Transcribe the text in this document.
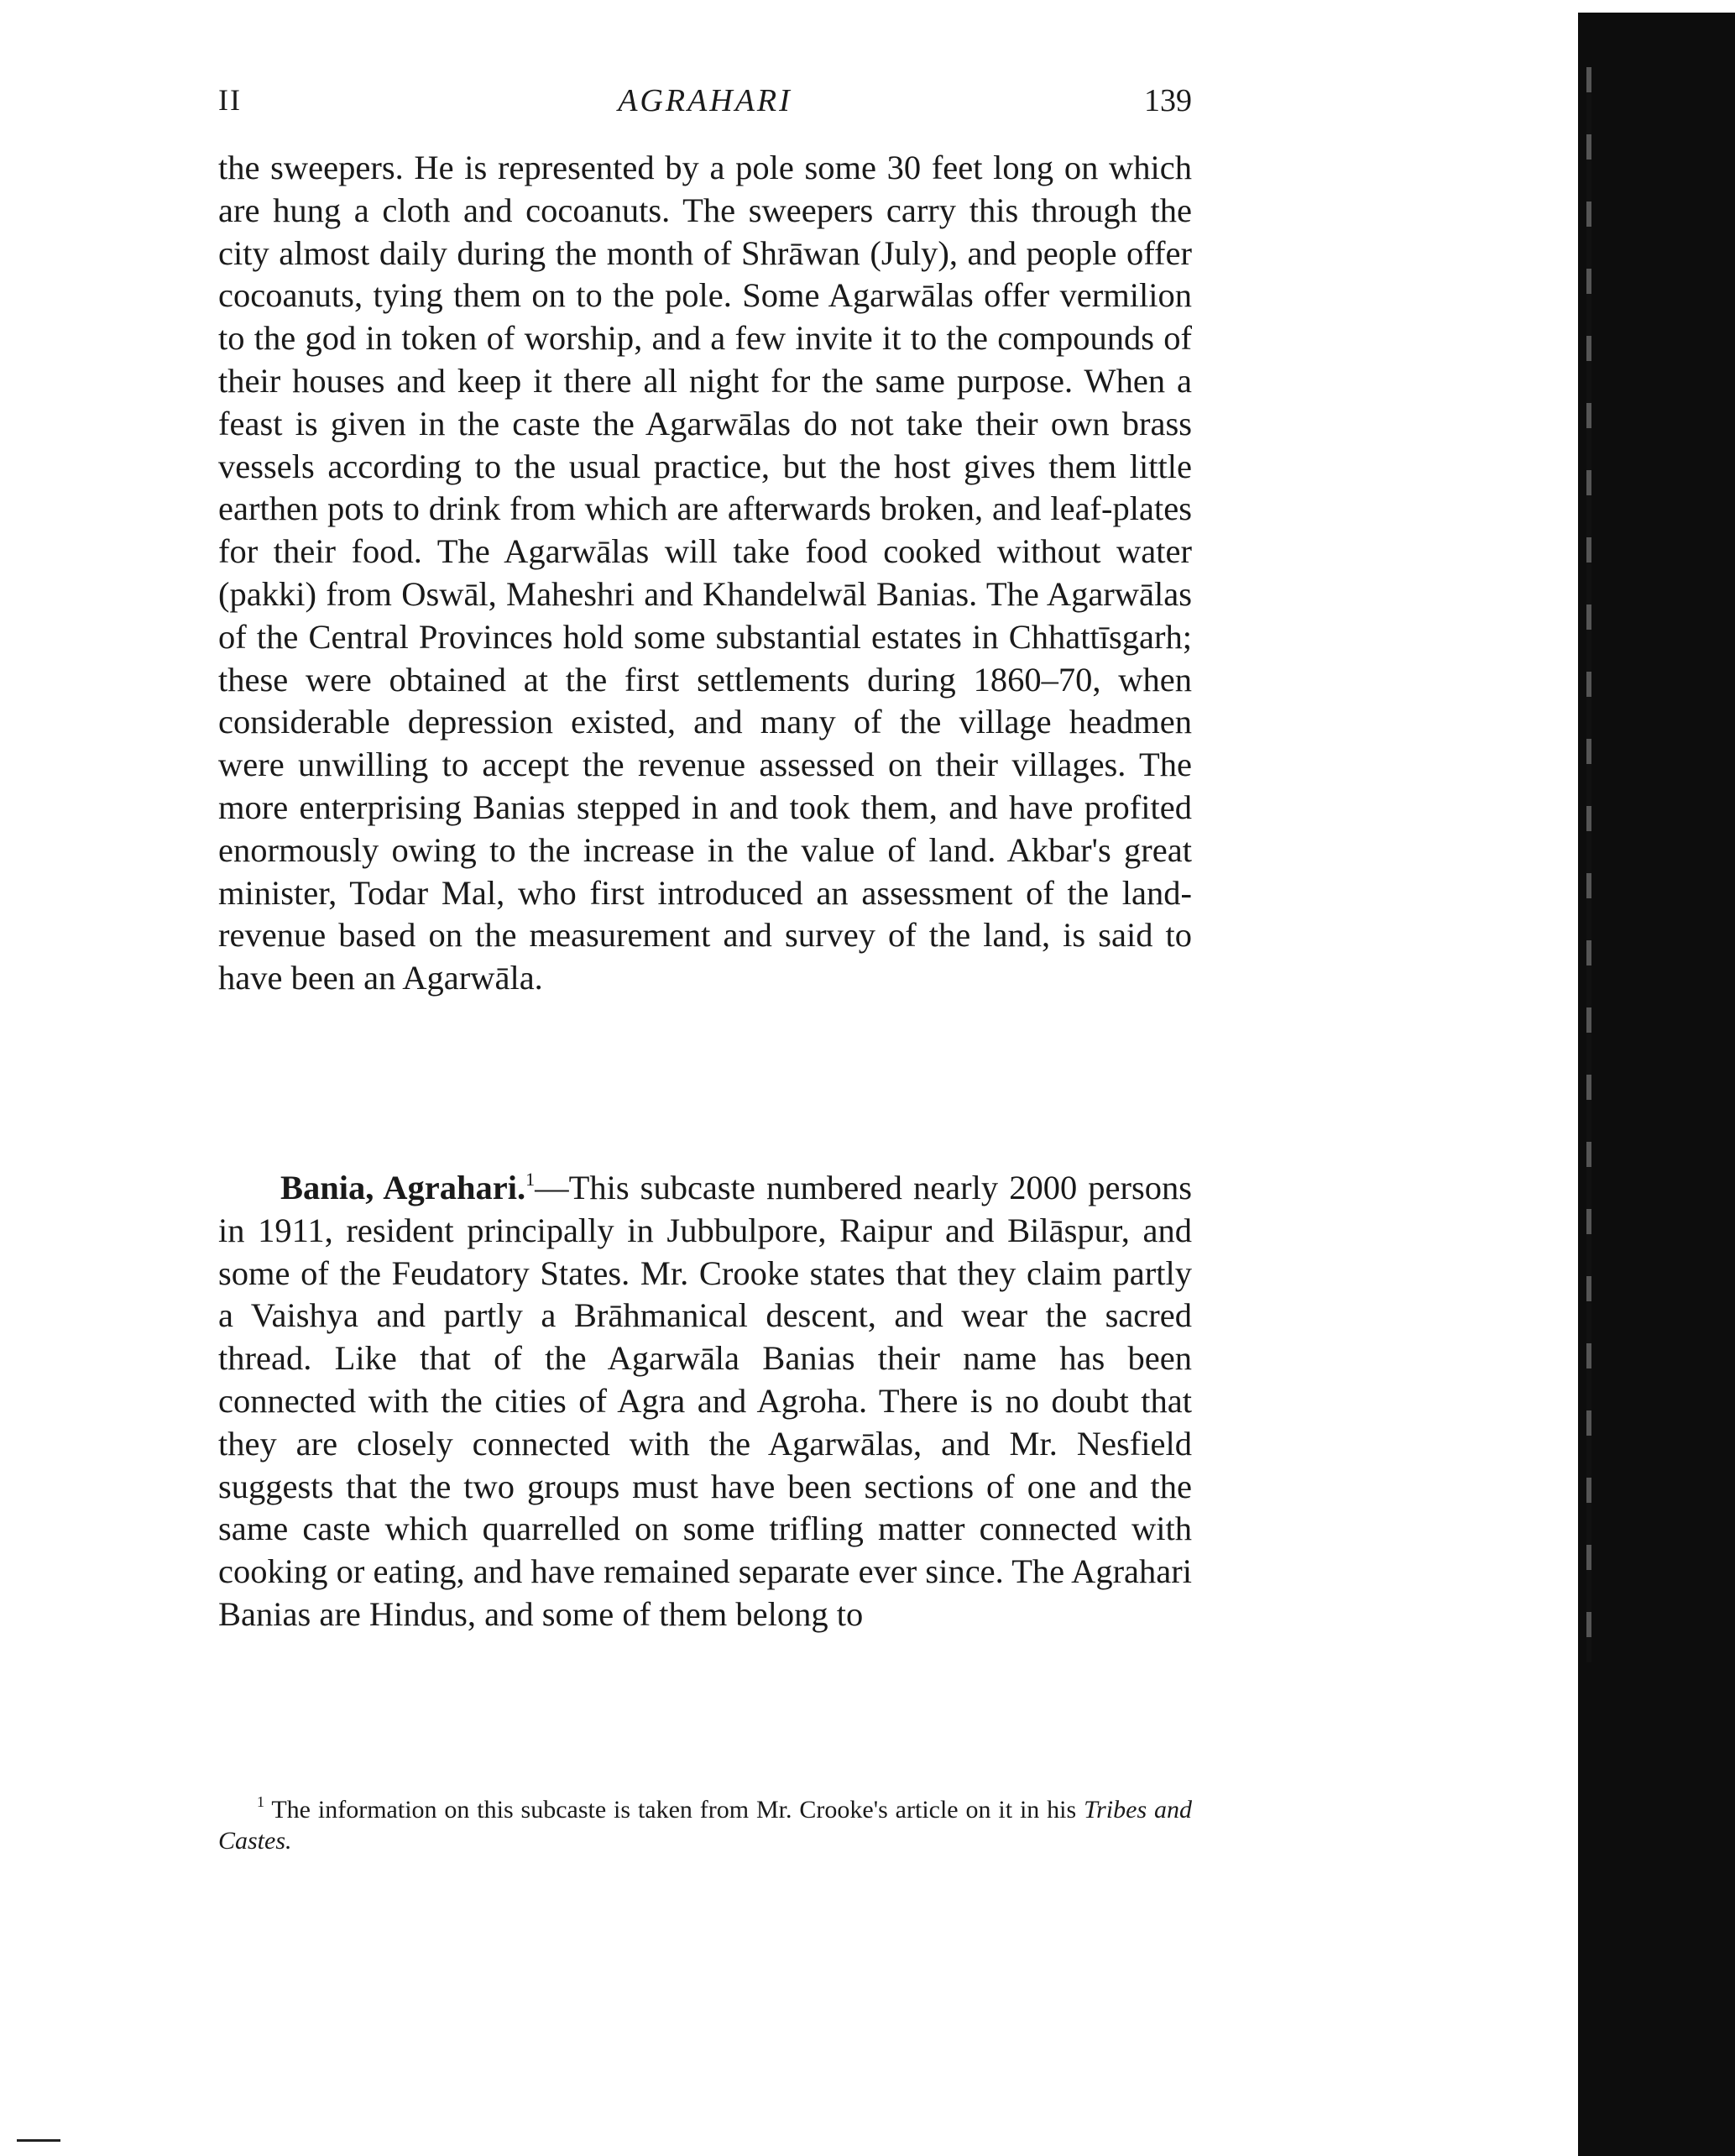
II	AGRAHARI	139

the sweepers. He is represented by a pole some 30 feet long on which are hung a cloth and cocoanuts. The sweepers carry this through the city almost daily during the month of Shrāwan (July), and people offer cocoanuts, tying them on to the pole. Some Agarwālas offer vermilion to the god in token of worship, and a few invite it to the compounds of their houses and keep it there all night for the same purpose. When a feast is given in the caste the Agarwālas do not take their own brass vessels according to the usual practice, but the host gives them little earthen pots to drink from which are afterwards broken, and leaf-plates for their food. The Agarwālas will take food cooked without water (pakki) from Oswāl, Maheshri and Khandelwāl Banias. The Agarwālas of the Central Provinces hold some substantial estates in Chhattīsgarh; these were obtained at the first settlements during 1860–70, when considerable depression existed, and many of the village headmen were unwilling to accept the revenue assessed on their villages. The more enterprising Banias stepped in and took them, and have profited enormously owing to the increase in the value of land. Akbar's great minister, Todar Mal, who first introduced an assessment of the land-revenue based on the measurement and survey of the land, is said to have been an Agarwāla.

Bania, Agrahari.$^1$—This subcaste numbered nearly 2000 persons in 1911, resident principally in Jubbulpore, Raipur and Bilāspur, and some of the Feudatory States. Mr. Crooke states that they claim partly a Vaishya and partly a Brāhmanical descent, and wear the sacred thread. Like that of the Agarwāla Banias their name has been connected with the cities of Agra and Agroha. There is no doubt that they are closely connected with the Agarwālas, and Mr. Nesfield suggests that the two groups must have been sections of one and the same caste which quarrelled on some trifling matter connected with cooking or eating, and have remained separate ever since. The Agrahari Banias are Hindus, and some of them belong to

$^1$ The information on this subcaste is taken from Mr. Crooke's article on it in his Tribes and Castes.
